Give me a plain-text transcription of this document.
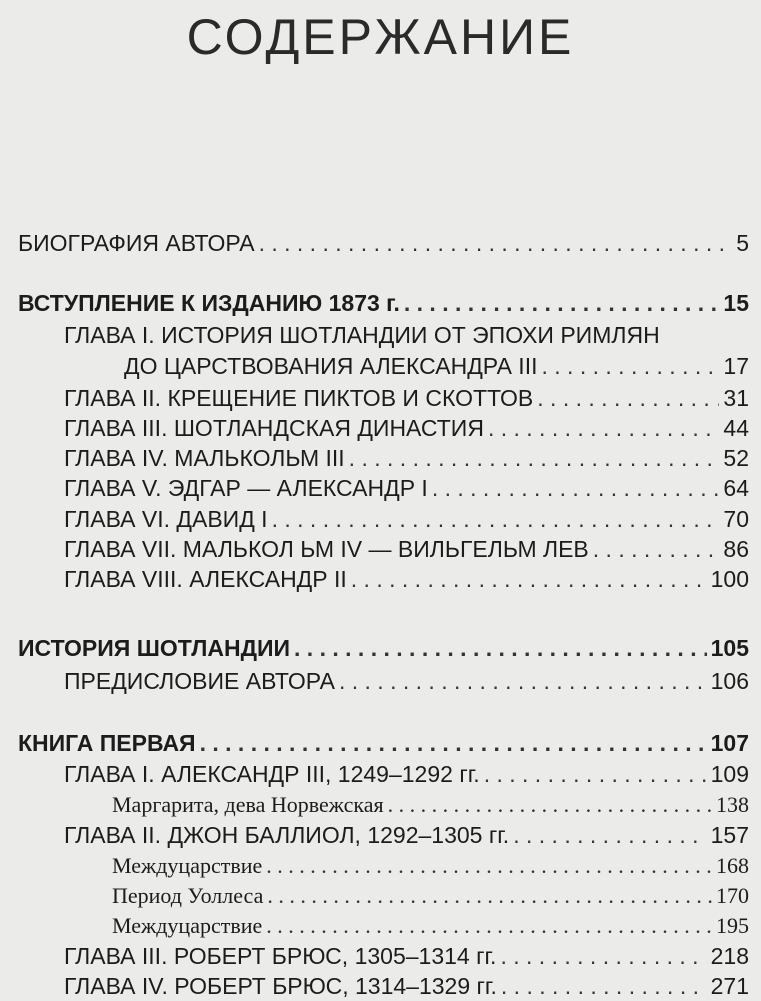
СОДЕРЖАНИЕ
БИОГРАФИЯ АВТОРА . . .	5
ВСТУПЛЕНИЕ К ИЗДАНИЮ 1873 г. . . .	15
ГЛАВА I. ИСТОРИЯ ШОТЛАНДИИ ОТ ЭПОХИ РИМЛЯН
ДО ЦАРСТВОВАНИЯ АЛЕКСАНДРА III . . .	17
ГЛАВА II. КРЕЩЕНИЕ ПИКТОВ И СКОТТОВ . . .	31
ГЛАВА III. ШОТЛАНДСКАЯ ДИНАСТИЯ . . .	44
ГЛАВА IV. МАЛЬКОЛЬМ III . . .	52
ГЛАВА V. ЭДГАР — АЛЕКСАНДР I . . .	64
ГЛАВА VI. ДАВИД I . . .	70
ГЛАВА VII. МАЛЬКОЛ ЬМ IV — ВИЛЬГЕЛЬМ ЛЕВ . . .	86
ГЛАВА VIII. АЛЕКСАНДР II . . .	100
ИСТОРИЯ ШОТЛАНДИИ . . .	105
ПРЕДИСЛОВИЕ АВТОРА . . .	106
КНИГА ПЕРВАЯ . . .	107
ГЛАВА I. АЛЕКСАНДР III, 1249–1292 гг. . . .	109
Маргарита, дева Норвежская . . .	138
ГЛАВА II. ДЖОН БАЛЛИОЛ, 1292–1305 гг. . . .	157
Междуцарствие . . .	168
Период Уоллеса . . .	170
Междуцарствие . . .	195
ГЛАВА III. РОБЕРТ БРЮС, 1305–1314 гг. . . .	218
ГЛАВА IV. РОБЕРТ БРЮС, 1314–1329 гг. . . .	271
